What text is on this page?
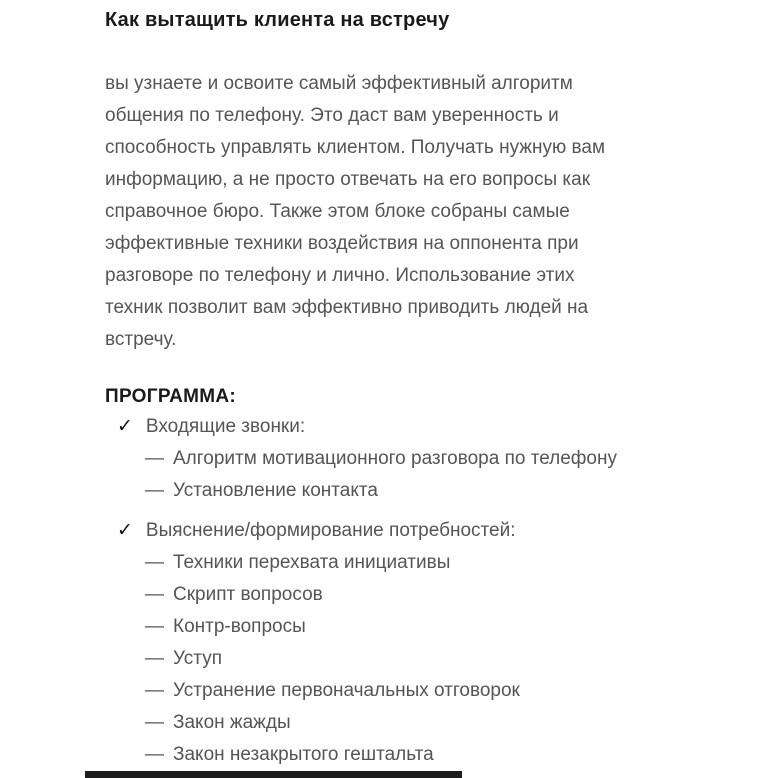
Как вытащить клиента на встречу
вы узнаете и освоите самый эффективный алгоритм
общения по телефону. Это даст вам уверенность и
способность управлять клиентом. Получать нужную вам
информацию, а не просто отвечать на его вопросы как
справочное бюро. Также этом блоке собраны самые
эффективные техники воздействия на оппонента при
разговоре по телефону и лично. Использование этих
техник позволит вам эффективно приводить людей на
встречу.
ПРОГРАММА:
✓ Входящие звонки:
— Алгоритм мотивационного разговора по телефону
— Установление контакта
✓ Выяснение/формирование потребностей:
— Техники перехвата инициативы
— Скрипт вопросов
— Контр-вопросы
— Уступ
— Устранение первоначальных отговорок
— Закон жажды
— Закон незакрытого гештальта
